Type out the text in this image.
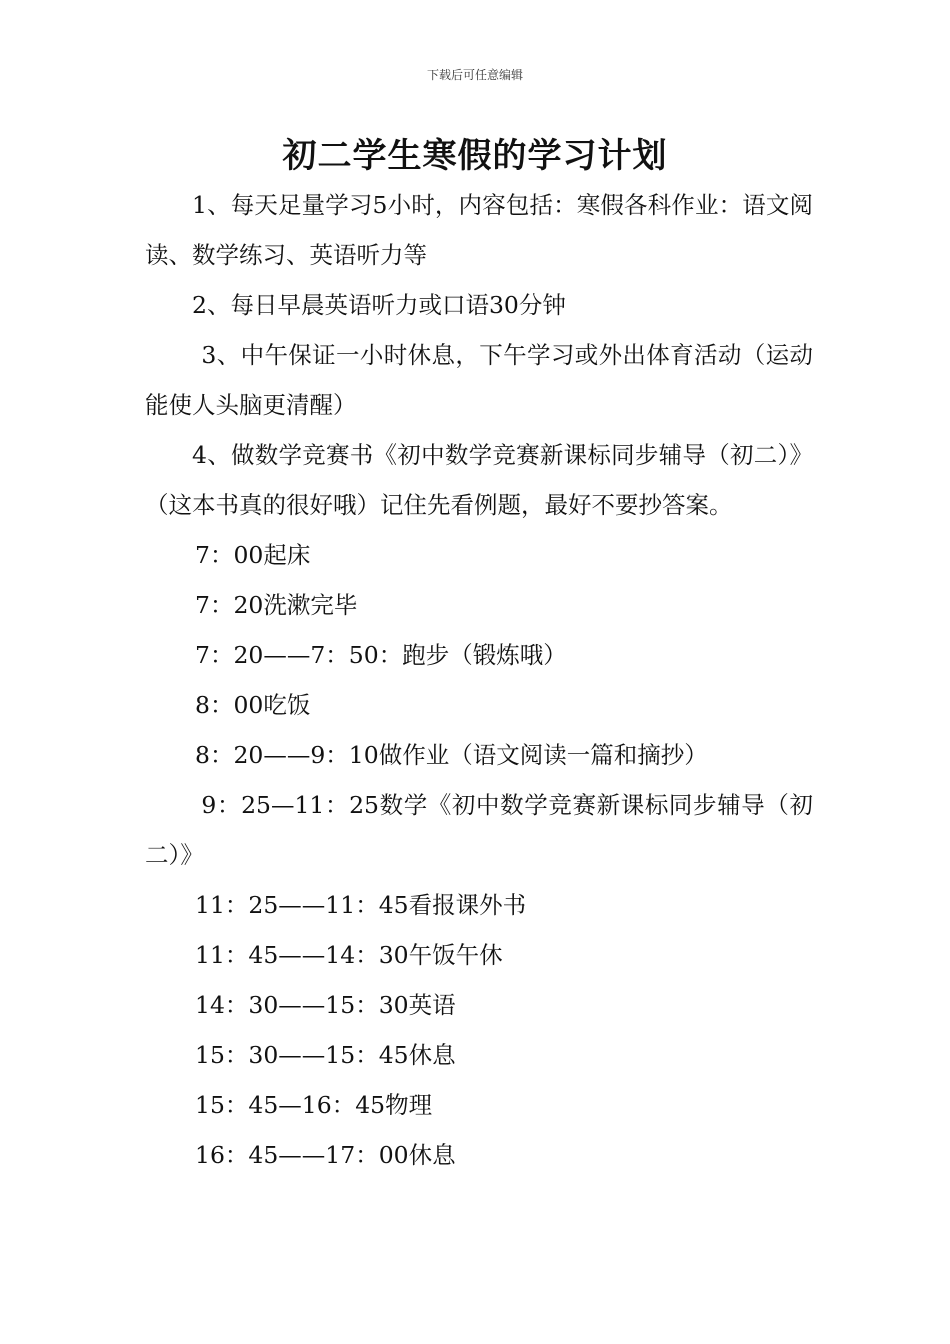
下载后可任意编辑
初二学生寒假的学习计划

1、每天足量学习5小时，内容包括：寒假各科作业：语文阅读、数学练习、英语听力等

2、每日早晨英语听力或口语30分钟

3、中午保证一小时休息，下午学习或外出体育活动（运动能使人头脑更清醒）

4、做数学竞赛书《初中数学竞赛新课标同步辅导（初二）》（这本书真的很好哦）记住先看例题，最好不要抄答案。

7：00起床

7：20洗漱完毕

7：20——7：50：跑步（锻炼哦）

8：00吃饭

8：20——9：10做作业（语文阅读一篇和摘抄）

9：25—11：25数学《初中数学竞赛新课标同步辅导（初二）》

11：25——11：45看报课外书

11：45——14：30午饭午休

14：30——15：30英语

15：30——15：45休息

15：45—16：45物理

16：45——17：00休息
